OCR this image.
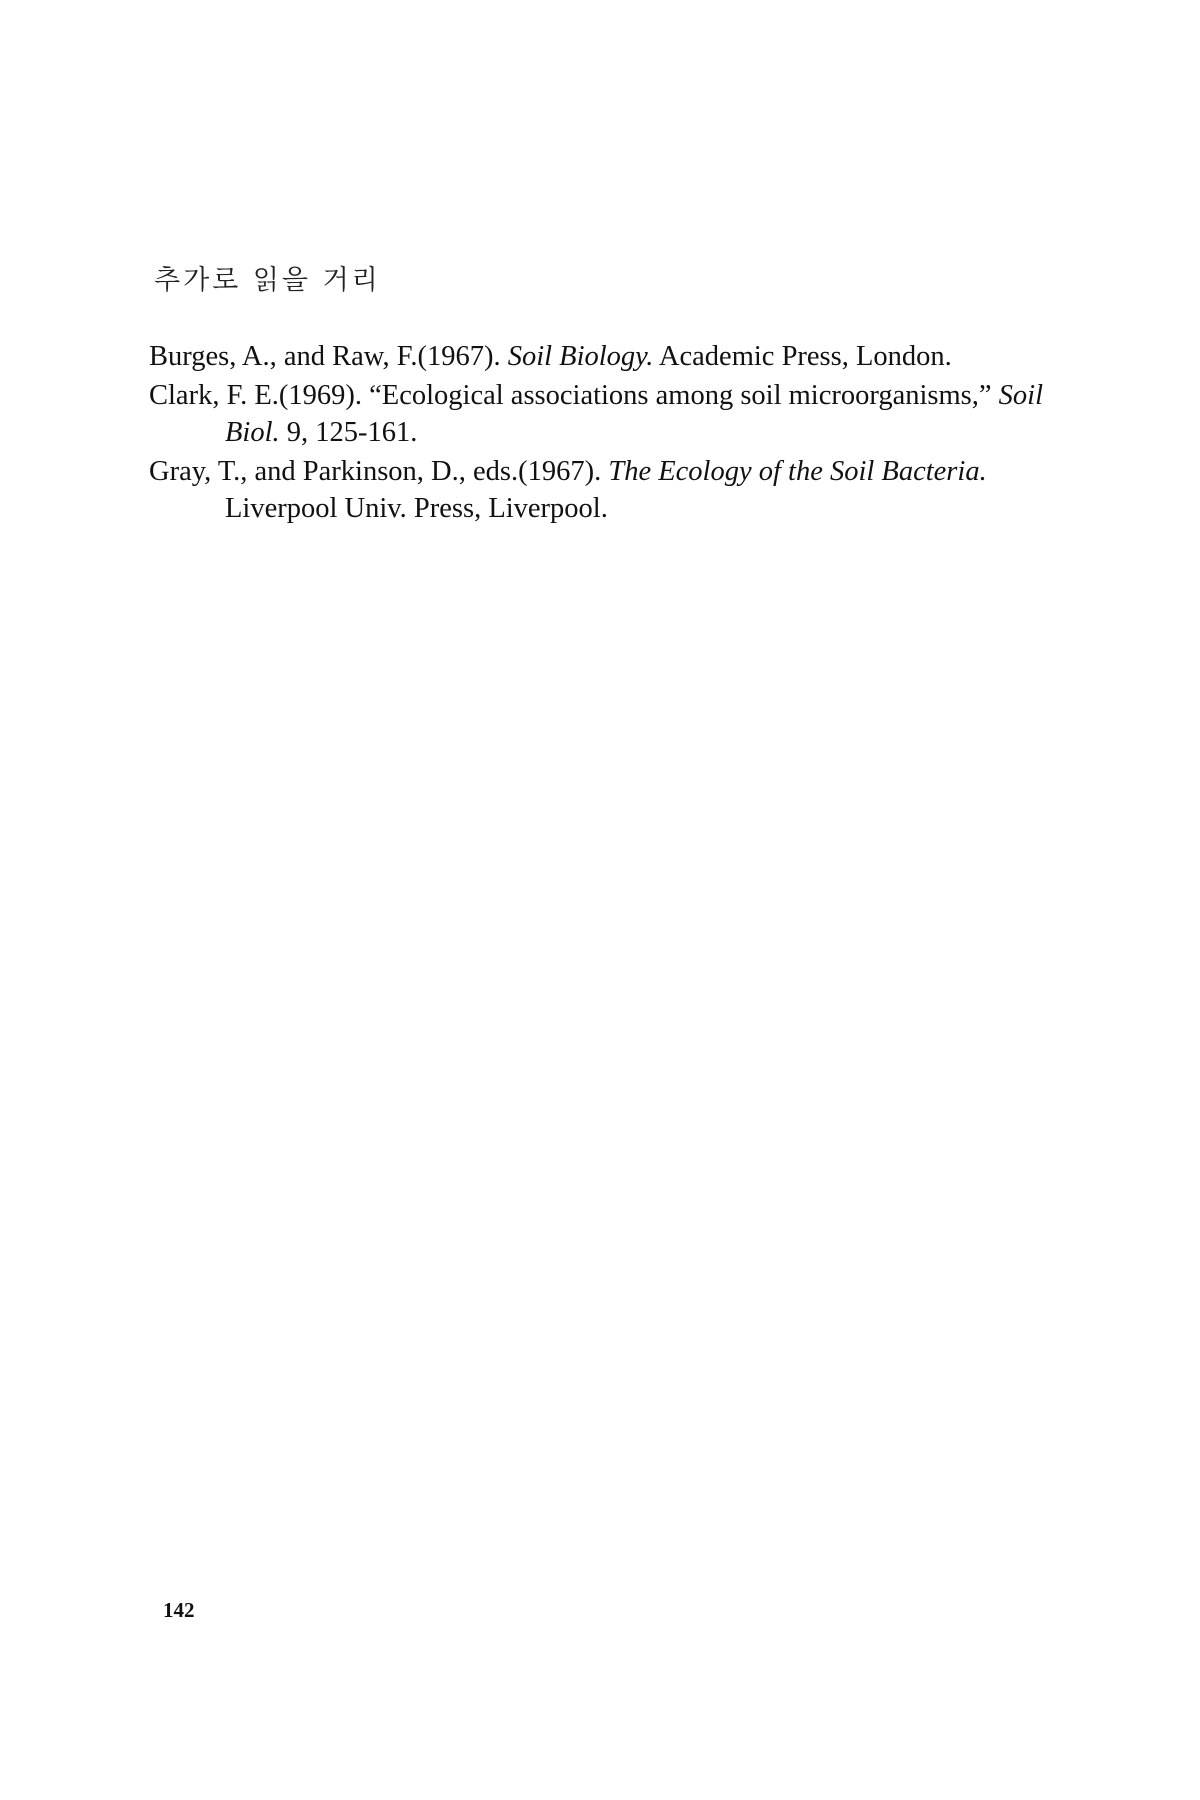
추가로 읽을 거리

Burges, A., and Raw, F.(1967). Soil Biology. Academic Press, London.

Clark, F. E.(1969). “Ecological associations among soil microorganisms,” Soil Biol. 9, 125-161.

Gray, T., and Parkinson, D., eds.(1967). The Ecology of the Soil Bacteria. Liverpool Univ. Press, Liverpool.

142
